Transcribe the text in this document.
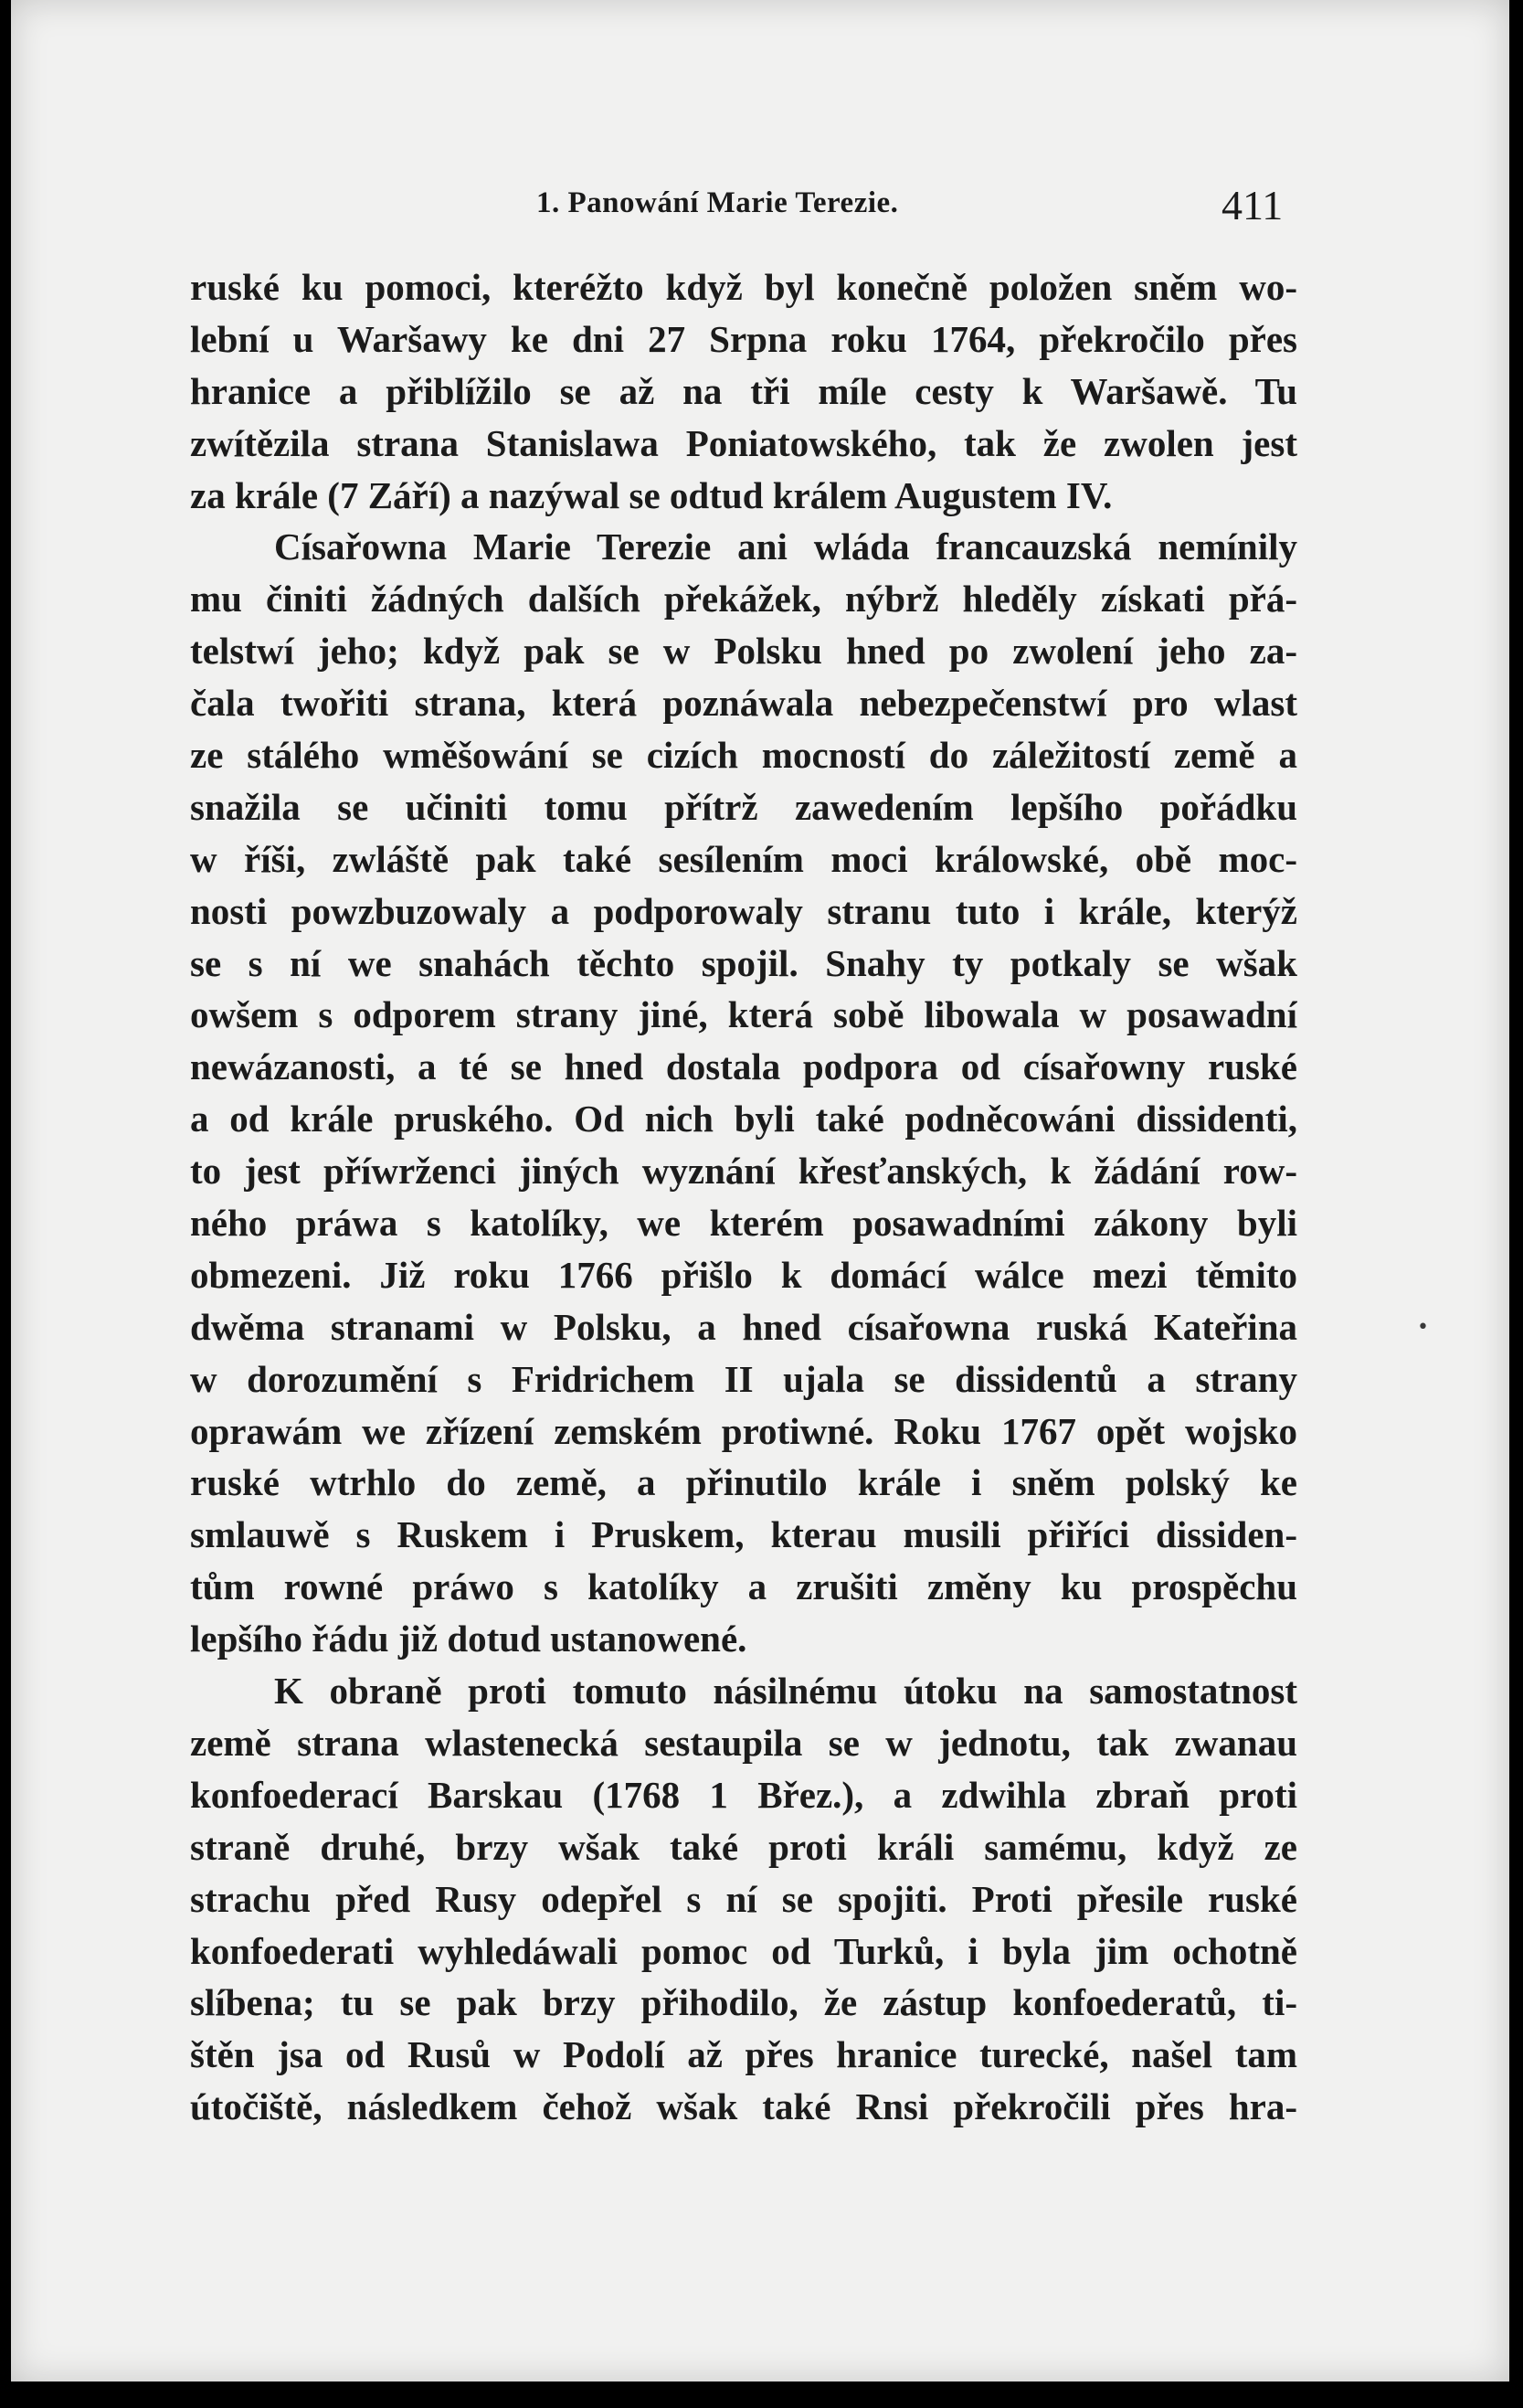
1. Panowání Marie Terezie.	411
ruské ku pomoci, kteréžto když byl konečně položen sněm wo-
lební u Waršawy ke dni 27 Srpna roku 1764, překročilo přes
hranice a přiblížilo se až na tři míle cesty k Waršawě. Tu
zwítězila strana Stanislawa Poniatowského, tak že zwolen jest
za krále (7 Září) a nazýwal se odtud králem Augustem IV.
Císařowna Marie Terezie ani wláda francauzská nemínily
mu činiti žádných dalších překážek, nýbrž hleděly získati přá-
telstwí jeho; když pak se w Polsku hned po zwolení jeho za-
čala twořiti strana, která poznáwala nebezpečenstwí pro wlast
ze stálého wměšowání se cizích mocností do záležitostí země a
snažila se učiniti tomu přítrž zawedením lepšího pořádku
w říši, zwláště pak také sesílením moci králowské, obě moc-
nosti powzbuzowaly a podporowaly stranu tuto i krále, kterýž
se s ní we snahách těchto spojil. Snahy ty potkaly se wšak
owšem s odporem strany jiné, která sobě libowala w posawadní
newázanosti, a té se hned dostala podpora od císařowny ruské
a od krále pruského. Od nich byli také podněcowáni dissidenti,
to jest příwrženci jiných wyznání křesťanských, k žádání row-
ného práwa s katolíky, we kterém posawadními zákony byli
obmezeni. Již roku 1766 přišlo k domácí wálce mezi těmito
dwěma stranami w Polsku, a hned císařowna ruská Kateřina
w dorozumění s Fridrichem II ujala se dissidentů a strany
oprawám we zřízení zemském protiwné. Roku 1767 opět wojsko
ruské wtrhlo do země, a přinutilo krále i sněm polský ke
smlauwě s Ruskem i Pruskem, kterau musili přiříci dissiden-
tům rowné práwo s katolíky a zrušiti změny ku prospěchu
lepšího řádu již dotud ustanowené.
K obraně proti tomuto násilnému útoku na samostatnost
země strana wlastenecká sestaupila se w jednotu, tak zwanau
konfoederací Barskau (1768 1 Břez.), a zdwihla zbraň proti
straně druhé, brzy wšak také proti králi samému, když ze
strachu před Rusy odepřel s ní se spojiti. Proti přesile ruské
konfoederati wyhledáwali pomoc od Turků, i byla jim ochotně
slíbena; tu se pak brzy přihodilo, že zástup konfoederatů, ti-
štěn jsa od Rusů w Podolí až přes hranice turecké, našel tam
útočiště, následkem čehož wšak také Rnsi překročili přes hra-
•
